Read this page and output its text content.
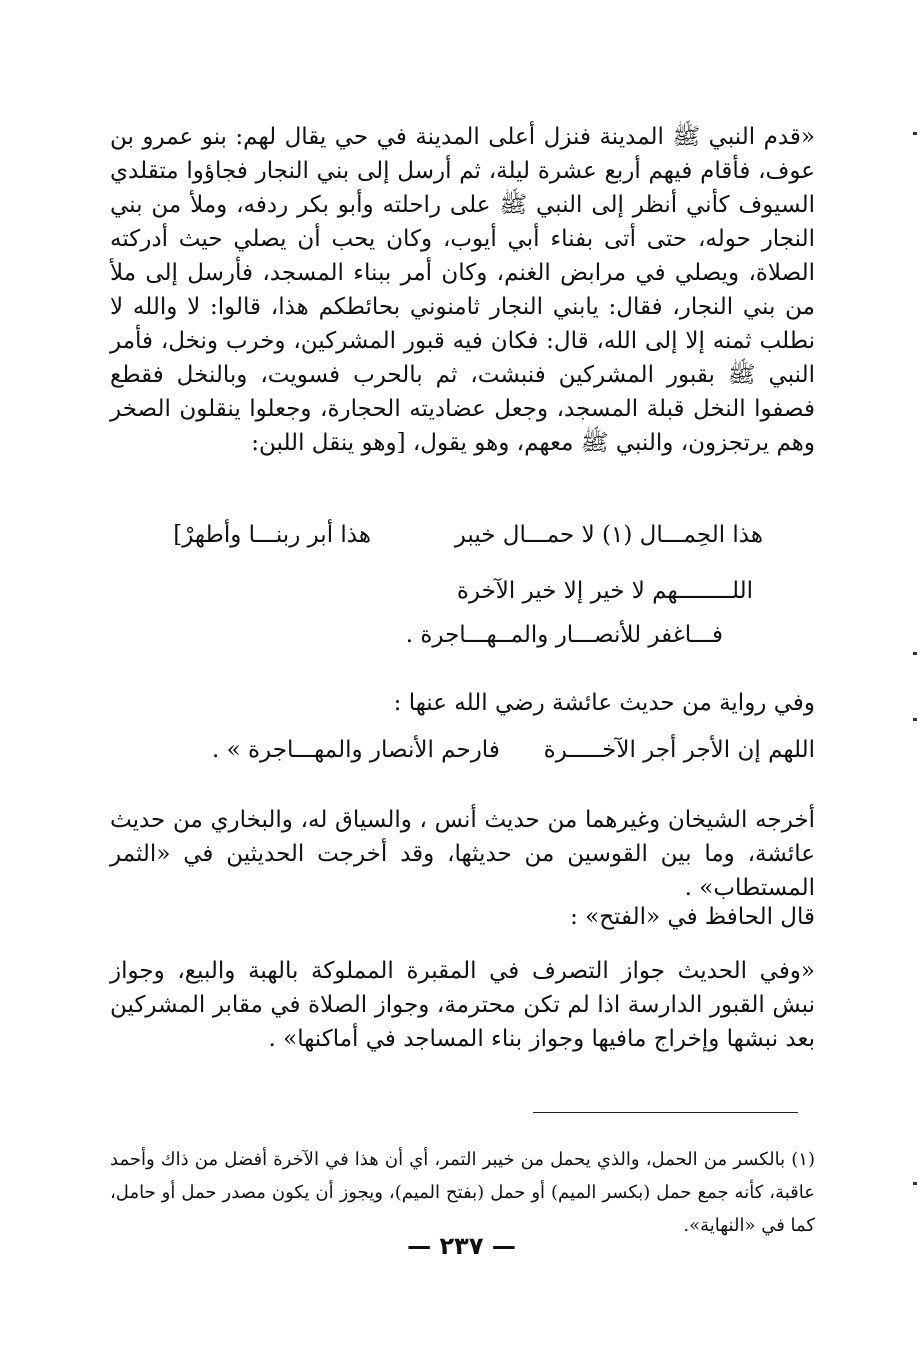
«قدم النبي ﷺ المدينة فنزل أعلى المدينة في حي يقال لهم: بنو عمرو بن عوف، فأقام فيهم أربع عشرة ليلة، ثم أرسل إلى بني النجار فجاؤوا متقلدي السيوف كأني أنظر إلى النبي ﷺ على راحلته وأبو بكر ردفه، وملأ من بني النجار حوله، حتى أتى بفناء أبي أيوب، وكان يحب أن يصلي حيث أدركته الصلاة، ويصلي في مرابض الغنم، وكان أمر ببناء المسجد، فأرسل إلى ملأ من بني النجار، فقال: يابني النجار ثامنوني بحائطكم هذا، قالوا: لا والله لا نطلب ثمنه إلا إلى الله، قال: فكان فيه قبور المشركين، وخرب ونخل، فأمر النبي ﷺ بقبور المشركين فنبشت، ثم بالحرب فسويت، وبالنخل فقطع فصفوا النخل قبلة المسجد، وجعل عضاديته الحجارة، وجعلوا ينقلون الصخر وهم يرتجزون، والنبي ﷺ معهم، وهو يقول، [وهو ينقل اللبن:

هذا الحِمـــال (١) لا حمـــال خيبر
هذا أبر ربنـــا وأطهرْ]
اللــــــــهم لا خير إلا خير الآخرة
فـــاغفر للأنصـــار والمــهـــاجرة .

وفي رواية من حديث عائشة رضي الله عنها :

اللهم إن الأجر أجر الآخـــــرة      فارحم الأنصار والمهـــاجرة » .

أخرجه الشيخان وغيرهما من حديث أنس ، والسياق له، والبخاري من حديث عائشة، وما بين القوسين من حديثها، وقد أخرجت الحديثين في «الثمر المستطاب» .

قال الحافظ في «الفتح» :

«وفي الحديث جواز التصرف في المقبرة المملوكة بالهبة والبيع، وجواز نبش القبور الدارسة اذا لم تكن محترمة، وجواز الصلاة في مقابر المشركين بعد نبشها وإخراج مافيها وجواز بناء المساجد في أماكنها» .

(١) بالكسر من الحمل، والذي يحمل من خيبر التمر، أي أن هذا في الآخرة أفضل من ذاك وأحمد عاقبة، كأنه جمع حمل (بكسر الميم) أو حمل (بفتح الميم)، ويجوز أن يكون مصدر حمل أو حامل، كما في «النهاية».

— ٢٣٧ —
